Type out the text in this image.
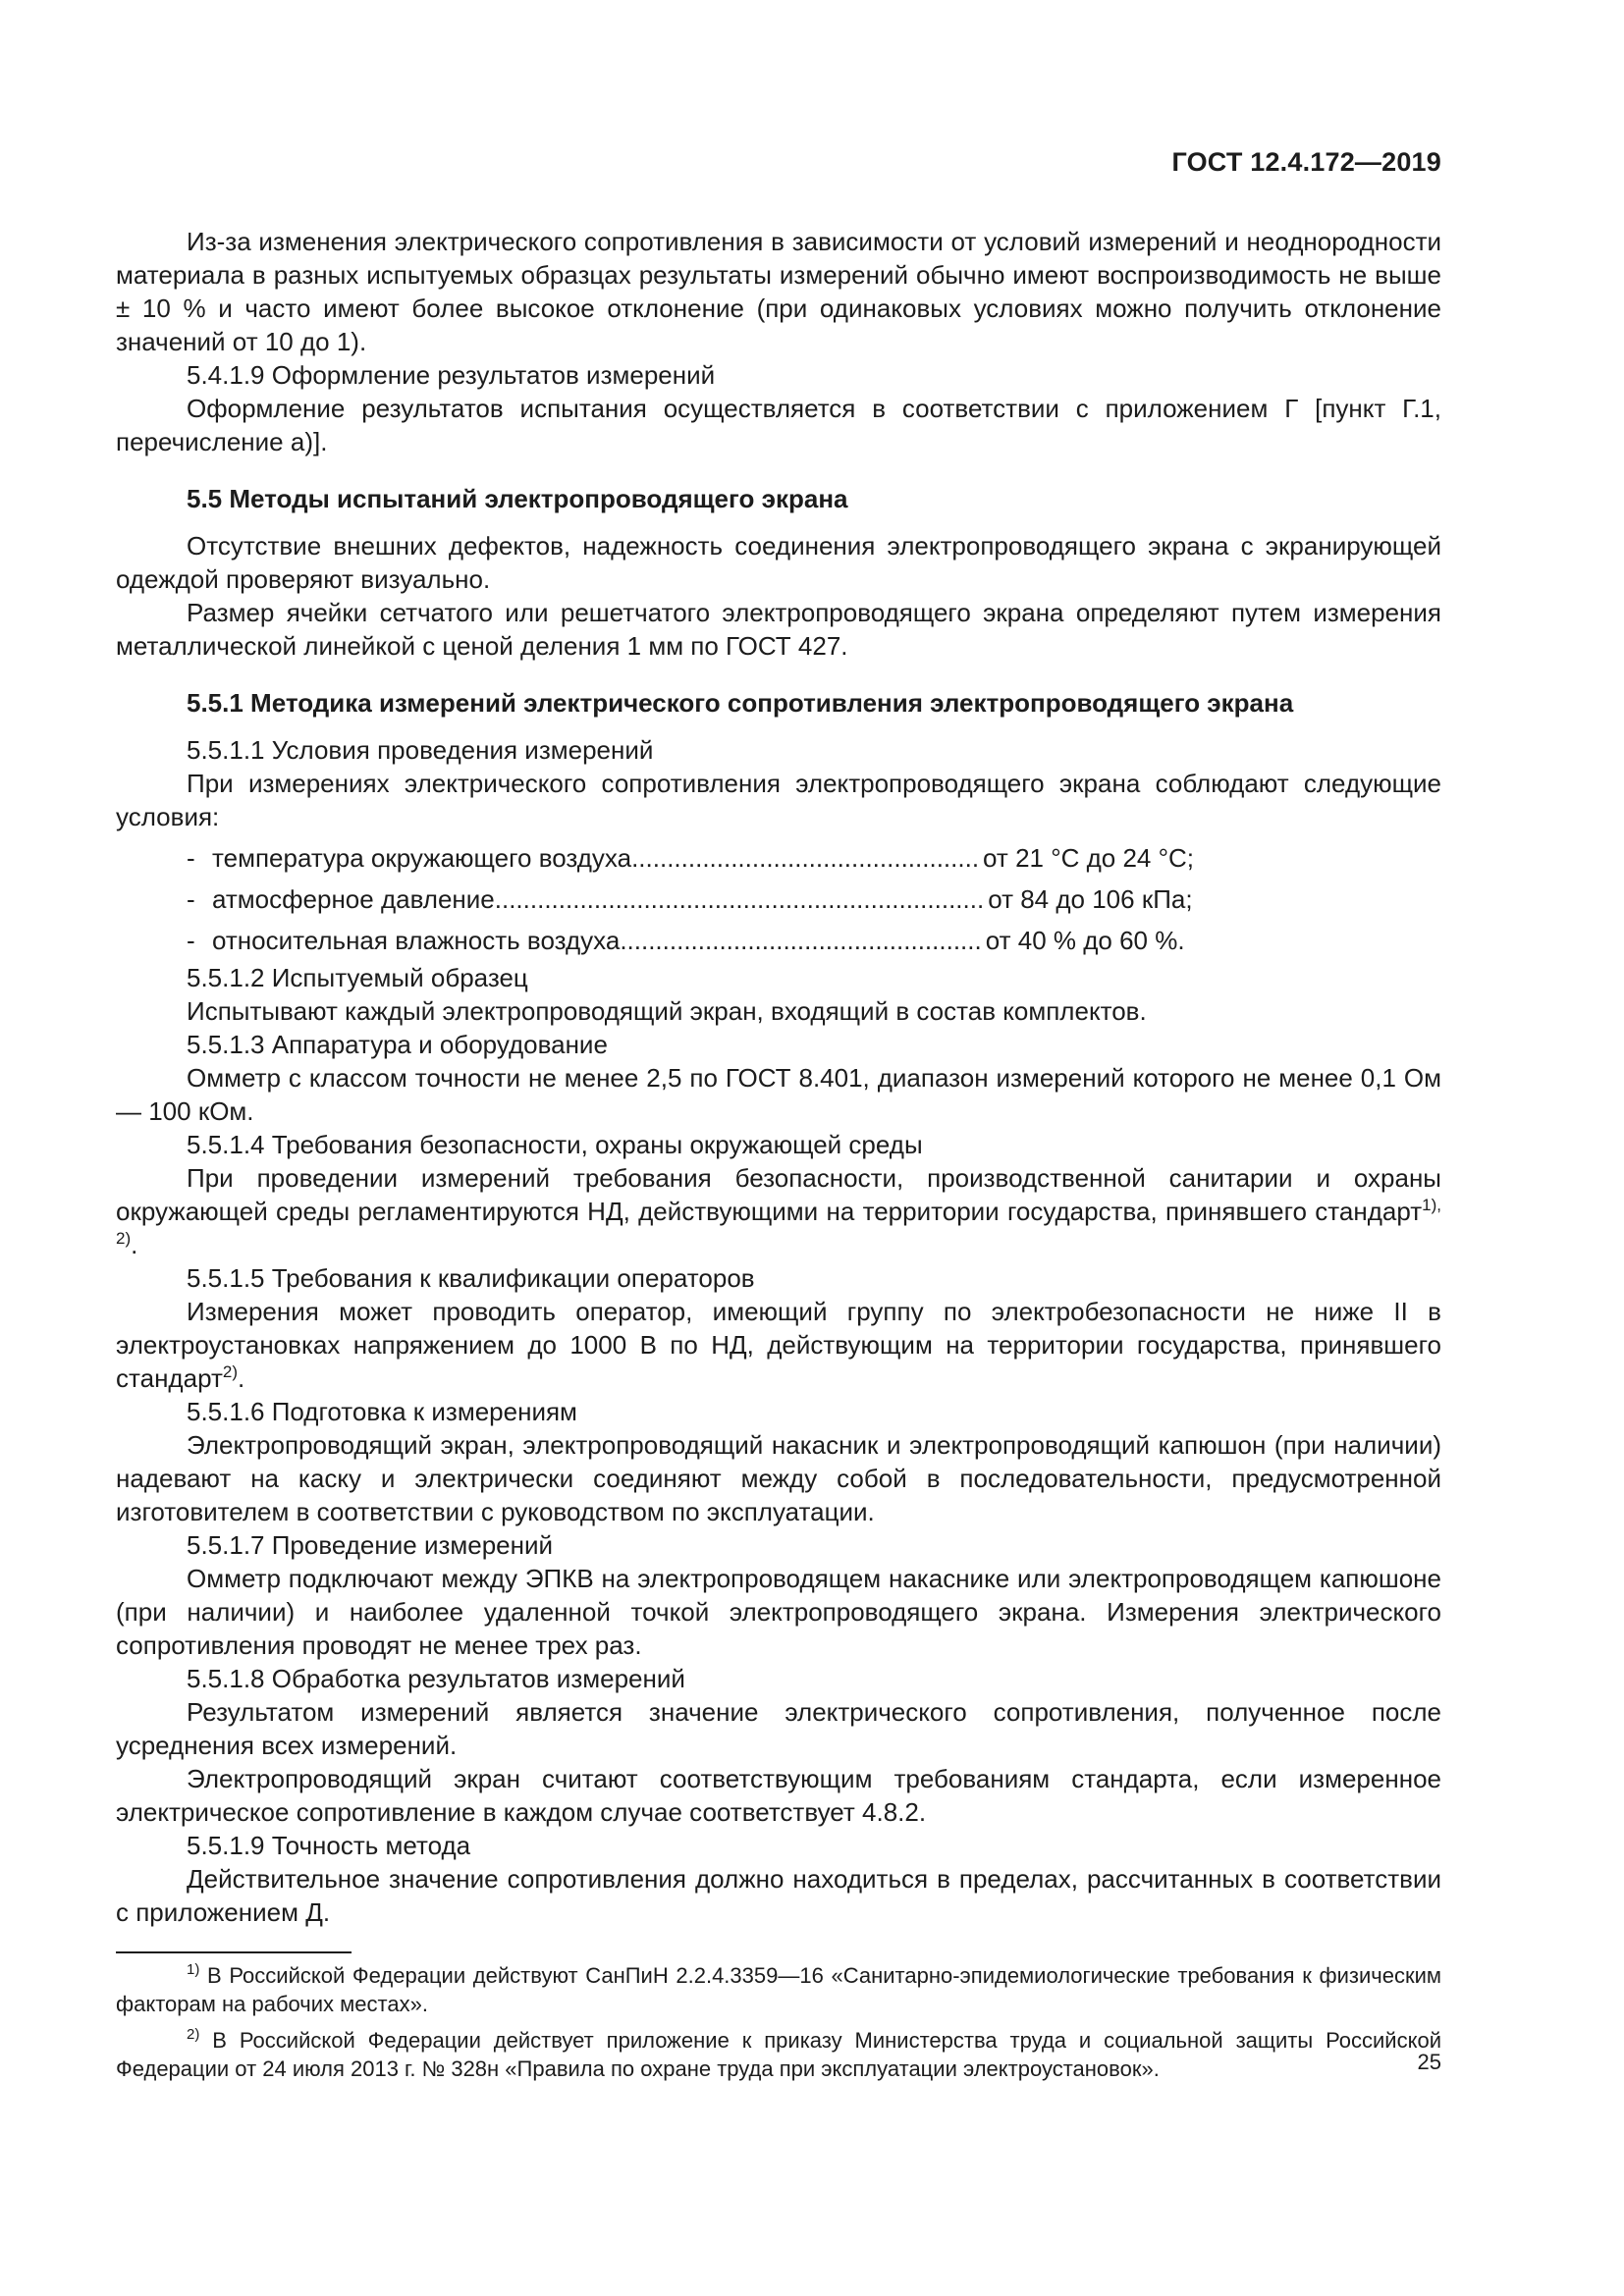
ГОСТ 12.4.172—2019

Из-за изменения электрического сопротивления в зависимости от условий измерений и неоднородности материала в разных испытуемых образцах результаты измерений обычно имеют воспроизводимость не выше ± 10 % и часто имеют более высокое отклонение (при одинаковых условиях можно получить отклонение значений от 10 до 1).

5.4.1.9 Оформление результатов измерений

Оформление результатов испытания осуществляется в соответствии с приложением Г [пункт Г.1, перечисление а)].

5.5 Методы испытаний электропроводящего экрана

Отсутствие внешних дефектов, надежность соединения электропроводящего экрана с экранирующей одеждой проверяют визуально.

Размер ячейки сетчатого или решетчатого электропроводящего экрана определяют путем измерения металлической линейкой с ценой деления 1 мм по ГОСТ 427.

5.5.1 Методика измерений электрического сопротивления электропроводящего экрана

5.5.1.1 Условия проведения измерений

При измерениях электрического сопротивления электропроводящего экрана соблюдают следующие условия:

- температура окружающего воздуха ................................................. от 21 °С до 24 °С;
- атмосферное давление ..................................................................... от 84 до 106 кПа;
- относительная влажность воздуха ................................................... от 40 % до 60 %.

5.5.1.2 Испытуемый образец

Испытывают каждый электропроводящий экран, входящий в состав комплектов.

5.5.1.3 Аппаратура и оборудование

Омметр с классом точности не менее 2,5 по ГОСТ 8.401, диапазон измерений которого не менее 0,1 Ом — 100 кОм.

5.5.1.4 Требования безопасности, охраны окружающей среды

При проведении измерений требования безопасности, производственной санитарии и охраны окружающей среды регламентируются НД, действующими на территории государства, принявшего стандарт$^{1), 2)}$.

5.5.1.5 Требования к квалификации операторов

Измерения может проводить оператор, имеющий группу по электробезопасности не ниже II в электроустановках напряжением до 1000 В по НД, действующим на территории государства, принявшего стандарт$^{2)}$.

5.5.1.6 Подготовка к измерениям

Электропроводящий экран, электропроводящий накасник и электропроводящий капюшон (при наличии) надевают на каску и электрически соединяют между собой в последовательности, предусмотренной изготовителем в соответствии с руководством по эксплуатации.

5.5.1.7 Проведение измерений

Омметр подключают между ЭПКВ на электропроводящем накаснике или электропроводящем капюшоне (при наличии) и наиболее удаленной точкой электропроводящего экрана. Измерения электрического сопротивления проводят не менее трех раз.

5.5.1.8 Обработка результатов измерений

Результатом измерений является значение электрического сопротивления, полученное после усреднения всех измерений.

Электропроводящий экран считают соответствующим требованиям стандарта, если измеренное электрическое сопротивление в каждом случае соответствует 4.8.2.

5.5.1.9 Точность метода

Действительное значение сопротивления должно находиться в пределах, рассчитанных в соответствии с приложением Д.

$^{1)}$ В Российской Федерации действуют СанПиН 2.2.4.3359—16 «Санитарно-эпидемиологические требования к физическим факторам на рабочих местах».

$^{2)}$ В Российской Федерации действует приложение к приказу Министерства труда и социальной защиты Российской Федерации от 24 июля 2013 г. № 328н «Правила по охране труда при эксплуатации электроустановок».	25
